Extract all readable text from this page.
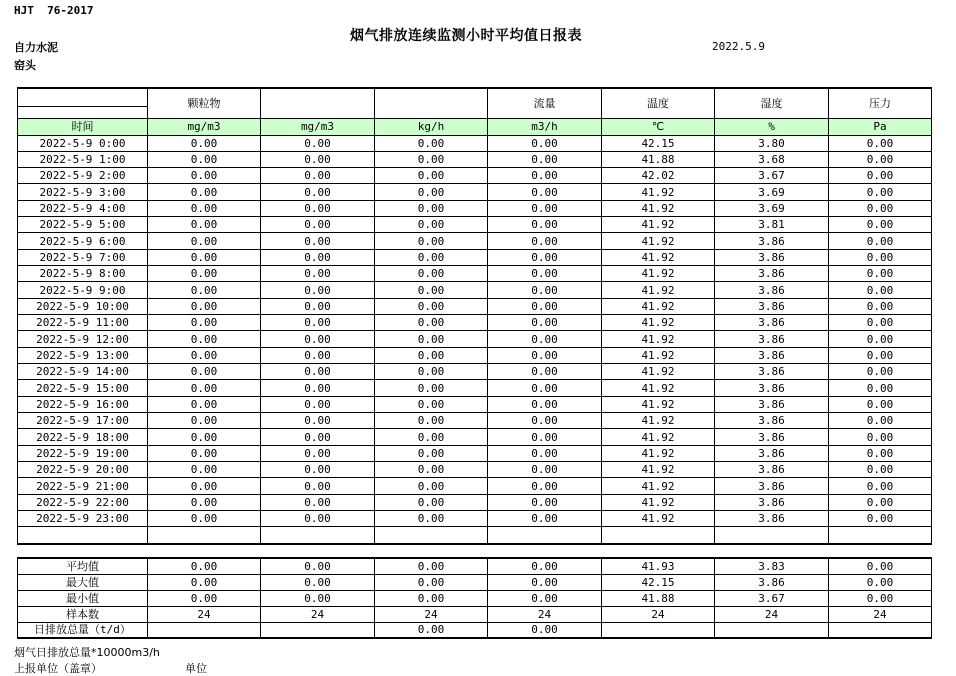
HJT  76-2017
烟气排放连续监测小时平均值日报表
2022.5.9
自力水泥
窑头
	颗粒物			流量	温度	湿度	压力

时间	mg/m3	mg/m3	kg/h	m3/h	℃	%	Pa
2022-5-9 0:00	0.00	0.00	0.00	0.00	42.15	3.80	0.00
2022-5-9 1:00	0.00	0.00	0.00	0.00	41.88	3.68	0.00
2022-5-9 2:00	0.00	0.00	0.00	0.00	42.02	3.67	0.00
2022-5-9 3:00	0.00	0.00	0.00	0.00	41.92	3.69	0.00
2022-5-9 4:00	0.00	0.00	0.00	0.00	41.92	3.69	0.00
2022-5-9 5:00	0.00	0.00	0.00	0.00	41.92	3.81	0.00
2022-5-9 6:00	0.00	0.00	0.00	0.00	41.92	3.86	0.00
2022-5-9 7:00	0.00	0.00	0.00	0.00	41.92	3.86	0.00
2022-5-9 8:00	0.00	0.00	0.00	0.00	41.92	3.86	0.00
2022-5-9 9:00	0.00	0.00	0.00	0.00	41.92	3.86	0.00
2022-5-9 10:00	0.00	0.00	0.00	0.00	41.92	3.86	0.00
2022-5-9 11:00	0.00	0.00	0.00	0.00	41.92	3.86	0.00
2022-5-9 12:00	0.00	0.00	0.00	0.00	41.92	3.86	0.00
2022-5-9 13:00	0.00	0.00	0.00	0.00	41.92	3.86	0.00
2022-5-9 14:00	0.00	0.00	0.00	0.00	41.92	3.86	0.00
2022-5-9 15:00	0.00	0.00	0.00	0.00	41.92	3.86	0.00
2022-5-9 16:00	0.00	0.00	0.00	0.00	41.92	3.86	0.00
2022-5-9 17:00	0.00	0.00	0.00	0.00	41.92	3.86	0.00
2022-5-9 18:00	0.00	0.00	0.00	0.00	41.92	3.86	0.00
2022-5-9 19:00	0.00	0.00	0.00	0.00	41.92	3.86	0.00
2022-5-9 20:00	0.00	0.00	0.00	0.00	41.92	3.86	0.00
2022-5-9 21:00	0.00	0.00	0.00	0.00	41.92	3.86	0.00
2022-5-9 22:00	0.00	0.00	0.00	0.00	41.92	3.86	0.00
2022-5-9 23:00	0.00	0.00	0.00	0.00	41.92	3.86	0.00

平均值	0.00	0.00	0.00	0.00	41.93	3.83	0.00
最大值	0.00	0.00	0.00	0.00	42.15	3.86	0.00
最小值	0.00	0.00	0.00	0.00	41.88	3.67	0.00
样本数	24	24	24	24	24	24	24
日排放总量（t/d）			0.00	0.00			
烟气日排放总量*10000m3/h
上报单位（盖章）	单位
